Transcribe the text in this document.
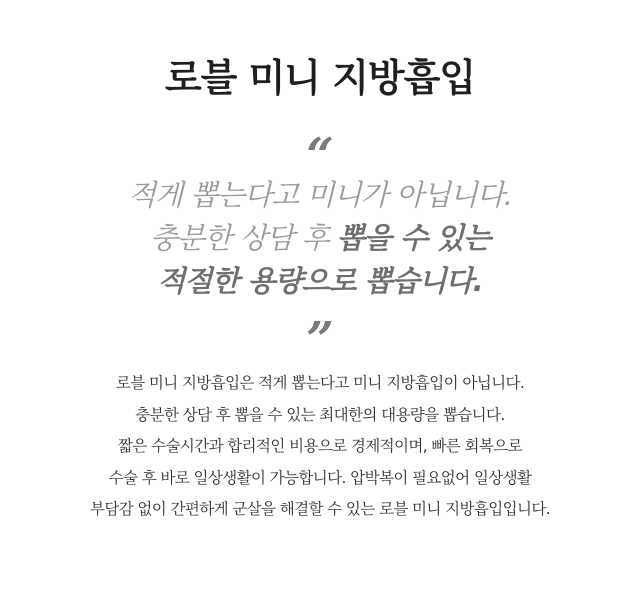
로블 미니 지방흡입
“
적게 뽑는다고 미니가 아닙니다.
충분한 상담 후 뽑을 수 있는
적절한 용량으로 뽑습니다.
”
로블 미니 지방흡입은 적게 뽑는다고 미니 지방흡입이 아닙니다.
충분한 상담 후 뽑을 수 있는 최대한의 대용량을 뽑습니다.
짧은 수술시간과 합리적인 비용으로 경제적이며, 빠른 회복으로
수술 후 바로 일상생활이 가능합니다. 압박복이 필요없어 일상생활
부담감 없이 간편하게 군살을 해결할 수 있는 로블 미니 지방흡입입니다.
